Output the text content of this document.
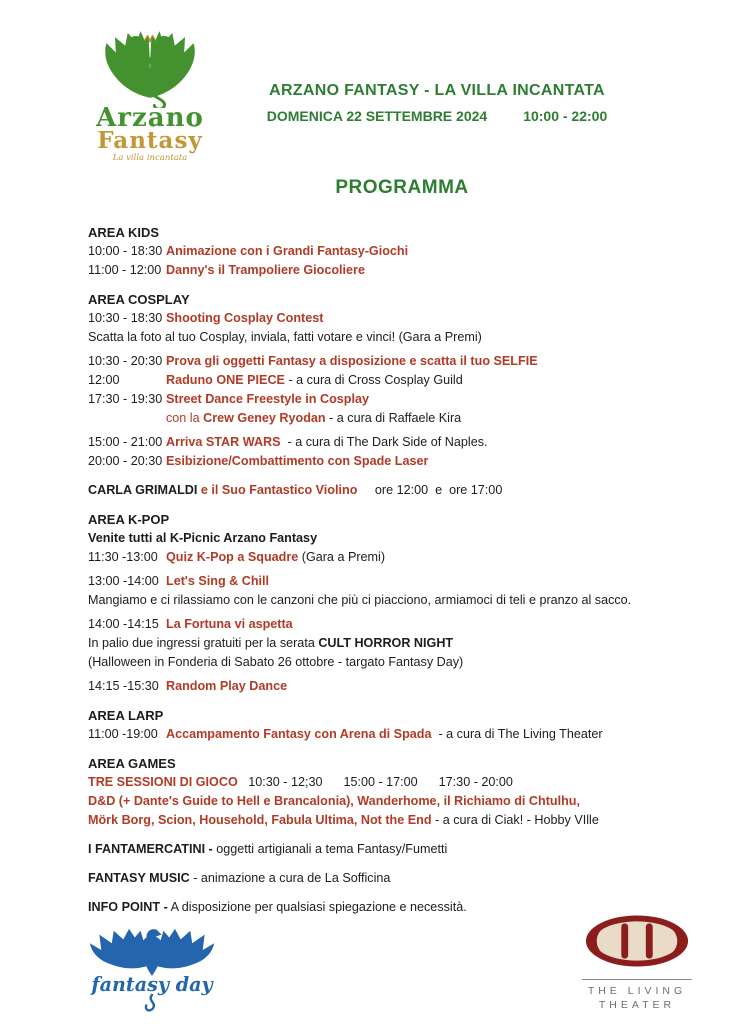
Arzano
Fantasy
La villa incantata
ARZANO FANTASY - LA VILLA INCANTATA
DOMENICA 22 SETTEMBRE 2024	10:00 - 22:00
PROGRAMMA
AREA KIDS
10:00 - 18:30 Animazione con i Grandi Fantasy-Giochi
11:00 - 12:00 Danny's il Trampoliere Giocoliere
AREA COSPLAY
10:30 - 18:30 Shooting Cosplay Contest
Scatta la foto al tuo Cosplay, inviala, fatti votare e vinci! (Gara a Premi)
10:30 - 20:30 Prova gli oggetti Fantasy a disposizione e scatta il tuo SELFIE
12:00	Raduno ONE PIECE - a cura di Cross Cosplay Guild
17:30 - 19:30 Street Dance Freestyle in Cosplay
con la Crew Geney Ryodan - a cura di Raffaele Kira
15:00 - 21:00 Arriva STAR WARS  - a cura di The Dark Side of Naples.
20:00 - 20:30 Esibizione/Combattimento con Spade Laser
CARLA GRIMALDI e il Suo Fantastico Violino     ore 12:00  e  ore 17:00
AREA K-POP
Venite tutti al K-Picnic Arzano Fantasy
11:30 -13:00 Quiz K-Pop a Squadre (Gara a Premi)
13:00 -14:00 Let's Sing & Chill
Mangiamo e ci rilassiamo con le canzoni che più ci piacciono, armiamoci di teli e pranzo al sacco.
14:00 -14:15 La Fortuna vi aspetta
In palio due ingressi gratuiti per la serata CULT HORROR NIGHT
(Halloween in Fonderia di Sabato 26 ottobre - targato Fantasy Day)
14:15 -15:30 Random Play Dance
AREA LARP
11:00 -19:00 Accampamento Fantasy con Arena di Spada  - a cura di The Living Theater
AREA GAMES
TRE SESSIONI DI GIOCO   10:30 - 12;30      15:00 - 17:00      17:30 - 20:00
D&D (+ Dante's Guide to Hell e Brancalonia), Wanderhome, il Richiamo di Chtulhu,
Mörk Borg, Scion, Household, Fabula Ultima, Not the End - a cura di Ciak! - Hobby VIlle
I FANTAMERCATINI - oggetti artigianali a tema Fantasy/Fumetti
FANTASY MUSIC - animazione a cura de La Sofficina
INFO POINT - A disposizione per qualsiasi spiegazione e necessità.
fantasy day	THE LIVING
THEATER
